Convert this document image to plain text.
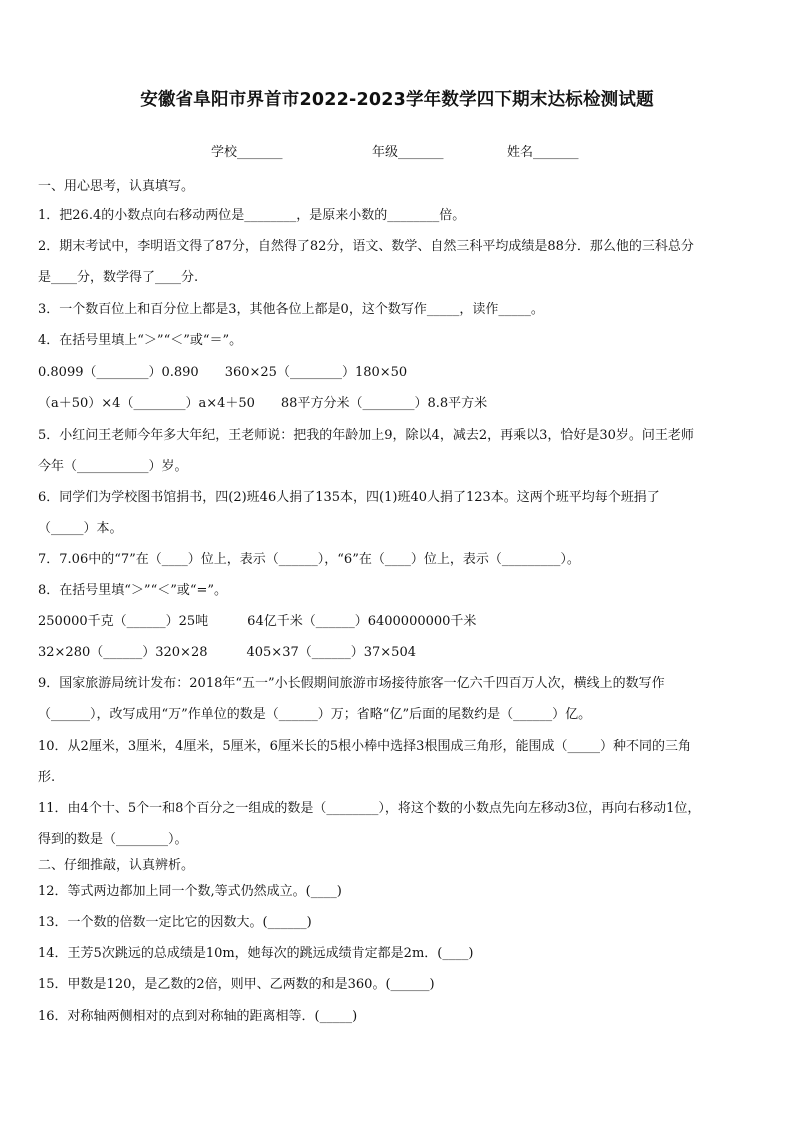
安徽省阜阳市界首市2022-2023学年数学四下期末达标检测试题
学校_______	年级_______	姓名_______
一、用心思考，认真填写。
1．把26.4的小数点向右移动两位是________，是原来小数的________倍。
2．期末考试中，李明语文得了87分，自然得了82分，语文、数学、自然三科平均成绩是88分．那么他的三科总分
是____分，数学得了____分.
3．一个数百位上和百分位上都是3，其他各位上都是0，这个数写作_____，读作_____。
4．在括号里填上“＞”“＜”或“＝”。
0.8099（________）0.890　　360×25（________）180×50
（a＋50）×4（________）a×4＋50　　88平方分米（________）8.8平方米
5．小红问王老师今年多大年纪，王老师说：把我的年龄加上9，除以4，减去2，再乘以3，恰好是30岁。问王老师
今年（___________）岁。
6．同学们为学校图书馆捐书，四(2)班46人捐了135本，四(1)班40人捐了123本。这两个班平均每个班捐了
（_____）本。
7．7.06中的“7”在（____）位上，表示（______），“6”在（____）位上，表示（_________）。
8．在括号里填“＞”“＜”或“=”。
250000千克（______）25吨　　　64亿千米（______）6400000000千米
32×280（______）320×28　　　405×37（______）37×504
9．国家旅游局统计发布：2018年“五一”小长假期间旅游市场接待旅客一亿六千四百万人次，横线上的数写作
（______），改写成用“万”作单位的数是（______）万；省略“亿”后面的尾数约是（______）亿。
10．从2厘米，3厘米，4厘米，5厘米，6厘米长的5根小棒中选择3根围成三角形，能围成（_____）种不同的三角
形.
11．由4个十、5个一和8个百分之一组成的数是（________），将这个数的小数点先向左移动3位，再向右移动1位，
得到的数是（________）。
二、仔细推敲，认真辨析。
12．等式两边都加上同一个数,等式仍然成立。(____)
13．一个数的倍数一定比它的因数大。(______)
14．王芳5次跳远的总成绩是10m，她每次的跳远成绩肯定都是2m．(____)
15．甲数是120，是乙数的2倍，则甲、乙两数的和是360。(______)
16．对称轴两侧相对的点到对称轴的距离相等．(_____)
